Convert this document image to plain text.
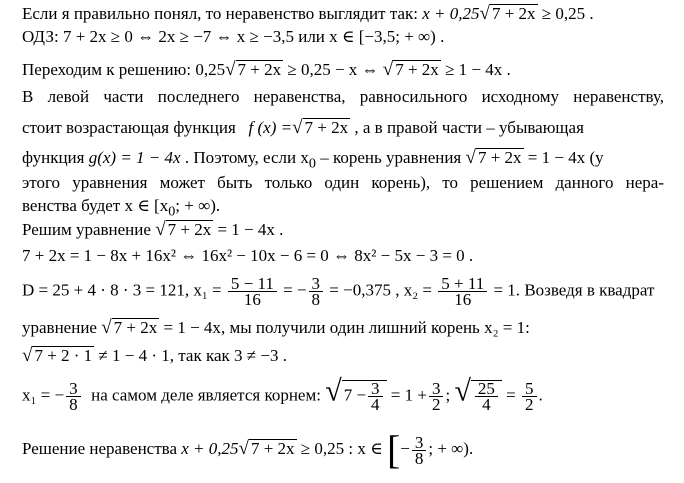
Если я правильно понял, то неравенство выглядит так: x + 0,25√ 7 + 2x ≥ 0,25 .
ОДЗ: 7 + 2x ≥ 0 ⇔ 2x ≥ −7 ⇔ x ≥ −3,5 или x ∈ [−3,5; + ∞) .
Переходим к решению: 0,25√ 7 + 2x ≥ 0,25 − x ⇔ √ 7 + 2x ≥ 1 − 4x .
В левой части последнего неравенства, равносильного исходному неравенству,
стоит возрастающая функция f (x) =√ 7 + 2x , а в правой части – убывающая
функция g(x) = 1 − 4x . Поэтому, если $x_0$ – корень уравнения √ 7 + 2x = 1 − 4x (у
этого уравнения может быть только один корень), то решением данного нера-
венства будет x ∈ [$x_0$; + ∞).
Решим уравнение √ 7 + 2x = 1 − 4x .
7 + 2x = 1 − 8x + 16x² ⇔ 16x² − 10x − 6 = 0 ⇔ 8x² − 5x − 3 = 0 .
D = 25 + 4 · 8 · 3 = 121, $x_1 = \frac{5 - 11}{16}$ = − $\frac{3}{8} = -0,375$ , $x_2 = \frac{5 + 11}{16} = 1$. Возведя в квадрат
уравнение √ 7 + 2x = 1 − 4x, мы получили один лишний корень x₂ = 1:
√ 7 + 2 · 1 ≠ 1 − 4 · 1, так как 3 ≠ −3 .
x₁ = − $\frac{3}{8}$ на самом деле является корнем: √ $7 - \frac{3}{4} = 1 + \frac{3}{2}$ ; √ $\frac{25}{4} = \frac{5}{2}$ .
Решение неравенства x + 0,25√ 7 + 2x ≥ 0,25 : x ∈ [− $\frac{3}{8}$ ; + ∞).
